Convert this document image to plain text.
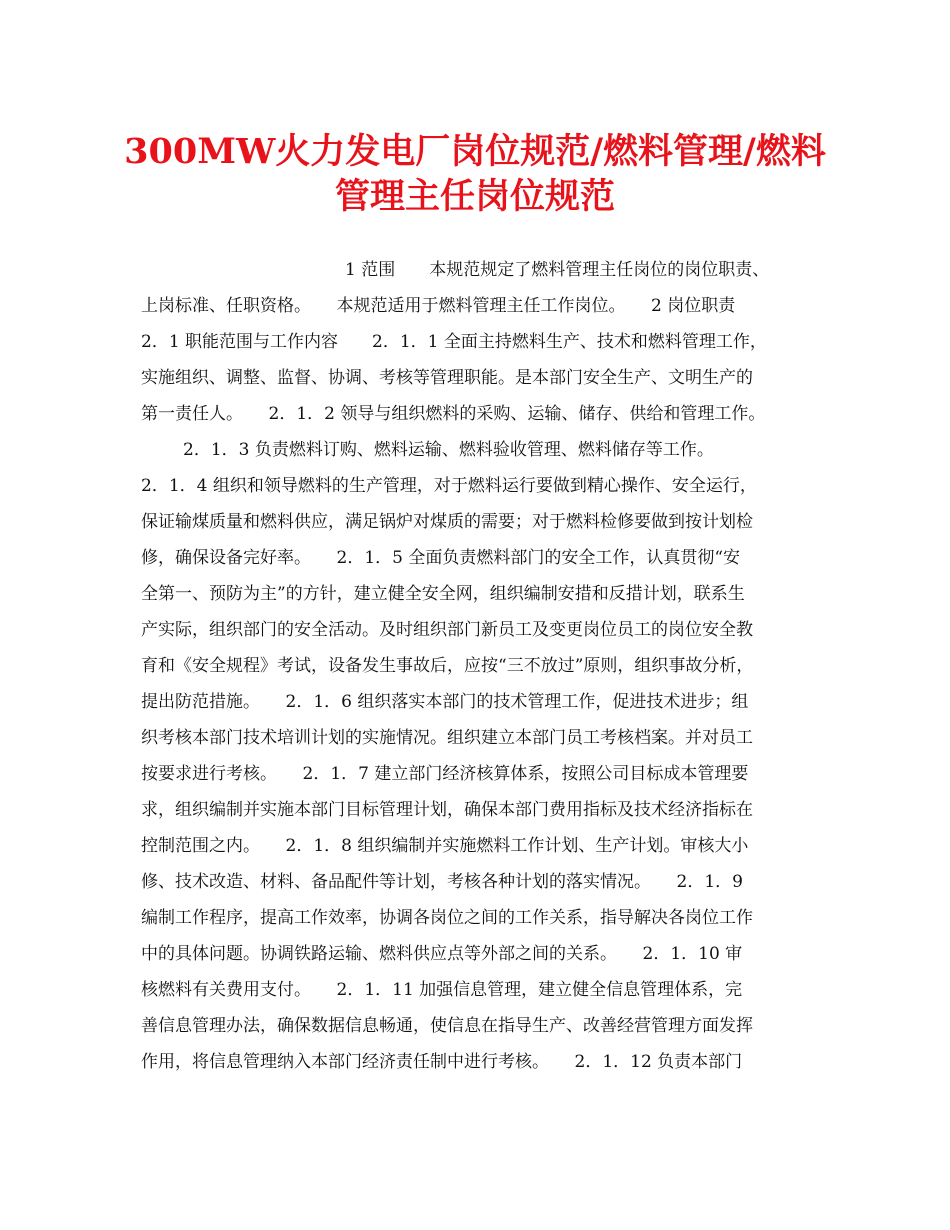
300MW火力发电厂岗位规范/燃料管理/燃料
管理主任岗位规范
1 范围　　本规范规定了燃料管理主任岗位的岗位职责、
上岗标准、任职资格。　　本规范适用于燃料管理主任工作岗位。　　2 岗位职责
2．1 职能范围与工作内容　　2．1．1 全面主持燃料生产、技术和燃料管理工作，
实施组织、调整、监督、协调、考核等管理职能。是本部门安全生产、文明生产的
第一责任人。　　2．1．2 领导与组织燃料的采购、运输、储存、供给和管理工作。
2．1．3 负责燃料订购、燃料运输、燃料验收管理、燃料储存等工作。
2．1．4 组织和领导燃料的生产管理，对于燃料运行要做到精心操作、安全运行，
保证输煤质量和燃料供应，满足锅炉对煤质的需要；对于燃料检修要做到按计划检
修，确保设备完好率。　　2．1．5 全面负责燃料部门的安全工作，认真贯彻“安
全第一、预防为主”的方针，建立健全安全网，组织编制安措和反措计划，联系生
产实际，组织部门的安全活动。及时组织部门新员工及变更岗位员工的岗位安全教
育和《安全规程》考试，设备发生事故后，应按“三不放过”原则，组织事故分析，
提出防范措施。　　2．1．6 组织落实本部门的技术管理工作，促进技术进步；组
织考核本部门技术培训计划的实施情况。组织建立本部门员工考核档案。并对员工
按要求进行考核。　　2．1．7 建立部门经济核算体系，按照公司目标成本管理要
求，组织编制并实施本部门目标管理计划，确保本部门费用指标及技术经济指标在
控制范围之内。　　2．1．8 组织编制并实施燃料工作计划、生产计划。审核大小
修、技术改造、材料、备品配件等计划，考核各种计划的落实情况。　　2．1．9
编制工作程序，提高工作效率，协调各岗位之间的工作关系，指导解决各岗位工作
中的具体问题。协调铁路运输、燃料供应点等外部之间的关系。　　2．1．10 审
核燃料有关费用支付。　　2．1．11 加强信息管理，建立健全信息管理体系，完
善信息管理办法，确保数据信息畅通，使信息在指导生产、改善经营管理方面发挥
作用，将信息管理纳入本部门经济责任制中进行考核。　　2．1．12 负责本部门
